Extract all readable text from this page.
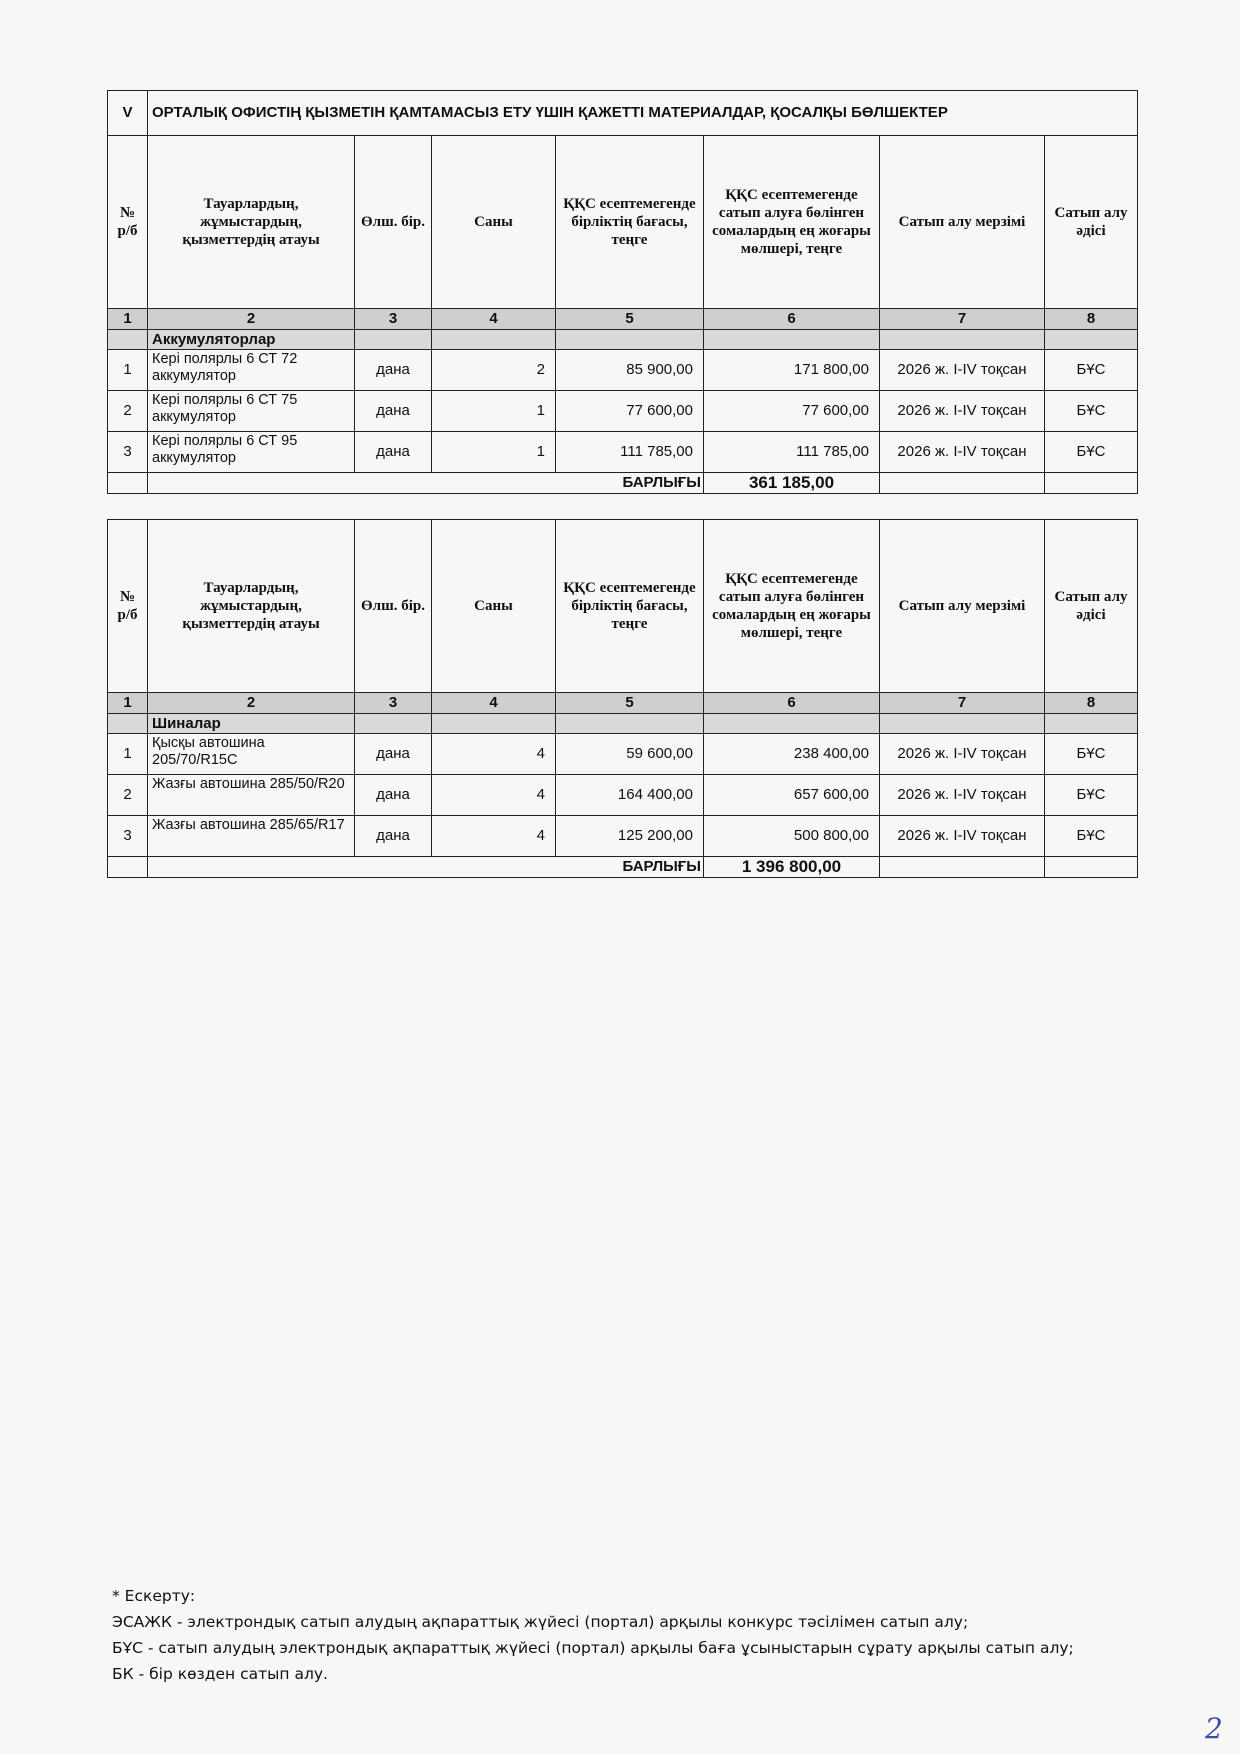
V	ОРТАЛЫҚ ОФИСТІҢ ҚЫЗМЕТІН ҚАМТАМАСЫЗ ЕТУ ҮШІН ҚАЖЕТТІ МАТЕРИАЛДАР, ҚОСАЛҚЫ БӨЛШЕКТЕР						
№ р/б	Тауарлардың, жұмыстардың, қызметтердің атауы	Өлш. бір.	Саны	ҚҚС есептемегенде бірліктің бағасы, теңге	ҚҚС есептемегенде сатып алуға бөлінген сомалардың ең жоғары мөлшері, теңге	Сатып алу мерзімі	Сатып алу әдісі
1	2	3	4	5	6	7	8
	Аккумуляторлар						
1	Кері полярлы 6 СТ 72 аккумулятор	дана	2	85 900,00	171 800,00	2026 ж. I-IV тоқсан	БҰС
2	Кері полярлы 6 СТ 75 аккумулятор	дана	1	77 600,00	77 600,00	2026 ж. I-IV тоқсан	БҰС
3	Кері полярлы 6 СТ 95 аккумулятор	дана	1	111 785,00	111 785,00	2026 ж. I-IV тоқсан	БҰС
	БАРЛЫҒЫ				361 185,00		
№ р/б	Тауарлардың, жұмыстардың, қызметтердің атауы	Өлш. бір.	Саны	ҚҚС есептемегенде бірліктің бағасы, теңге	ҚҚС есептемегенде сатып алуға бөлінген сомалардың ең жоғары мөлшері, теңге	Сатып алу мерзімі	Сатып алу әдісі
1	2	3	4	5	6	7	8
	Шиналар						
1	Қысқы автошина 205/70/R15C	дана	4	59 600,00	238 400,00	2026 ж. I-IV тоқсан	БҰС
2	Жазғы автошина 285/50/R20	дана	4	164 400,00	657 600,00	2026 ж. I-IV тоқсан	БҰС
3	Жазғы автошина 285/65/R17	дана	4	125 200,00	500 800,00	2026 ж. I-IV тоқсан	БҰС
	БАРЛЫҒЫ				1 396 800,00		
* Ескерту:
ЭСАЖК - электрондық сатып алудың ақпараттық жүйесі (портал) арқылы конкурс тәсілімен сатып алу;
БҰС - сатып алудың электрондық ақпараттық жүйесі (портал) арқылы баға ұсыныстарын сұрату арқылы сатып алу;
БК - бір көзден сатып алу.
2
